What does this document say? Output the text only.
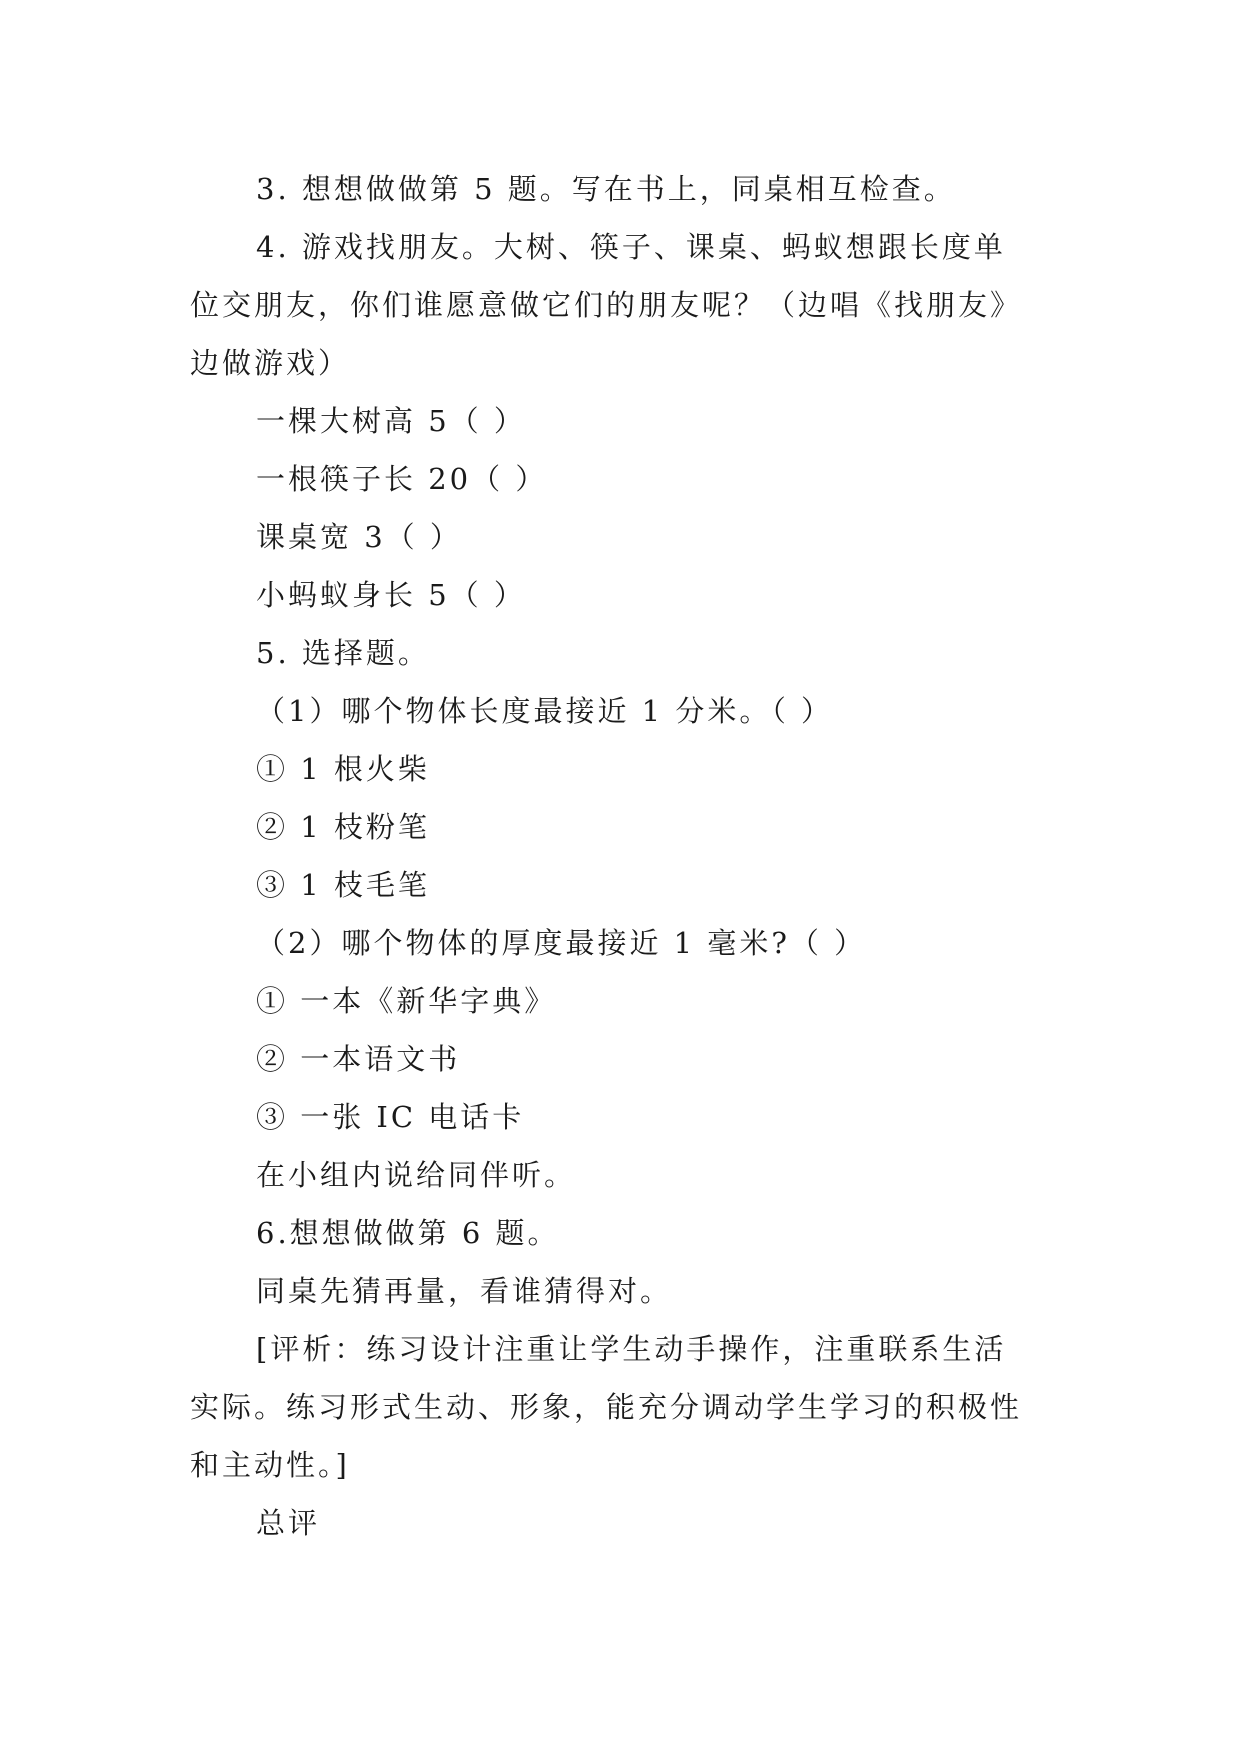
3. 想想做做第 5 题。写在书上，同桌相互检查。
4. 游戏找朋友。大树、筷子、课桌、蚂蚁想跟长度单
位交朋友，你们谁愿意做它们的朋友呢？（边唱《找朋友》
边做游戏）
一棵大树高 5（ ）
一根筷子长 20（ ）
课桌宽 3（ ）
小蚂蚁身长 5（ ）
5. 选择题。
（1）哪个物体长度最接近 1 分米。（ ）
① 1 根火柴
② 1 枝粉笔
③ 1 枝毛笔
（2）哪个物体的厚度最接近 1 毫米?（ ）
① 一本《新华字典》
② 一本语文书
③ 一张 IC 电话卡
在小组内说给同伴听。
6.想想做做第 6 题。
同桌先猜再量，看谁猜得对。
[评析：练习设计注重让学生动手操作，注重联系生活
实际。练习形式生动、形象，能充分调动学生学习的积极性
和主动性。]
总评
